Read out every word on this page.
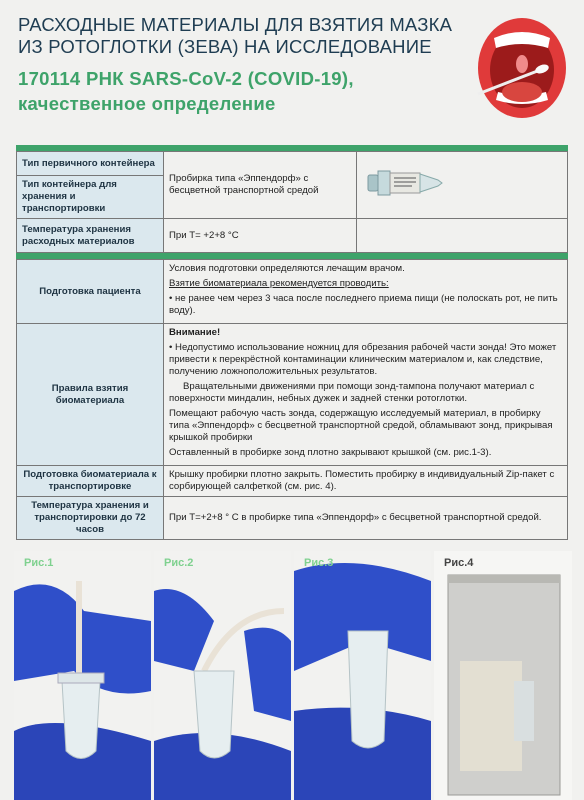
РАСХОДНЫЕ МАТЕРИАЛЫ ДЛЯ ВЗЯТИЯ МАЗКА
ИЗ РОТОГЛОТКИ (ЗЕВА) НА ИССЛЕДОВАНИЕ
170114 РНК SARS-CoV-2 (COVID-19),
качественное определение
Тип первичного контейнера	Пробирка типа «Эппендорф» с бесцветной транспортной средой	
Тип контейнера для хранения и транспортировки		
Температура хранения расходных материалов	При Т= +2+8 °С	
Подготовка пациента	Условия подготовки определяются лечащим врачом.

Взятие биоматериала рекомендуется проводить:

• не ранее чем через 3 часа после последнего приема пищи (не полоскать рот, не пить воду).

Правила взятия биоматериала	Внимание!

• Недопустимо использование ножниц для обрезания рабочей части зонда! Это может привести к перекрёстной контаминации клиническим материалом и, как следствие, получению ложноположительных результатов.

Вращательными движениями при помощи зонд-тампона получают материал с поверхности миндалин, небных дужек и задней стенки ротоглотки.

Помещают рабочую часть зонда, содержащую исследуемый материал, в пробирку типа «Эппендорф» с бесцветной транспортной средой, обламывают зонд, прикрывая крышкой пробирки

Оставленный в пробирке зонд плотно закрывают крышкой (см. рис.1-3).

Подготовка биоматериала к транспортировке	Крышку пробирки плотно закрыть. Поместить пробирку в индивидуальный Zip-пакет с сорбирующей салфеткой (см. рис. 4).
Температура хранения и транспортировки до 72 часов	При Т=+2+8 ° С в пробирке типа «Эппендорф» с бесцветной транспортной средой.
Рис.1	Рис.2	Рис.3	Рис.4
